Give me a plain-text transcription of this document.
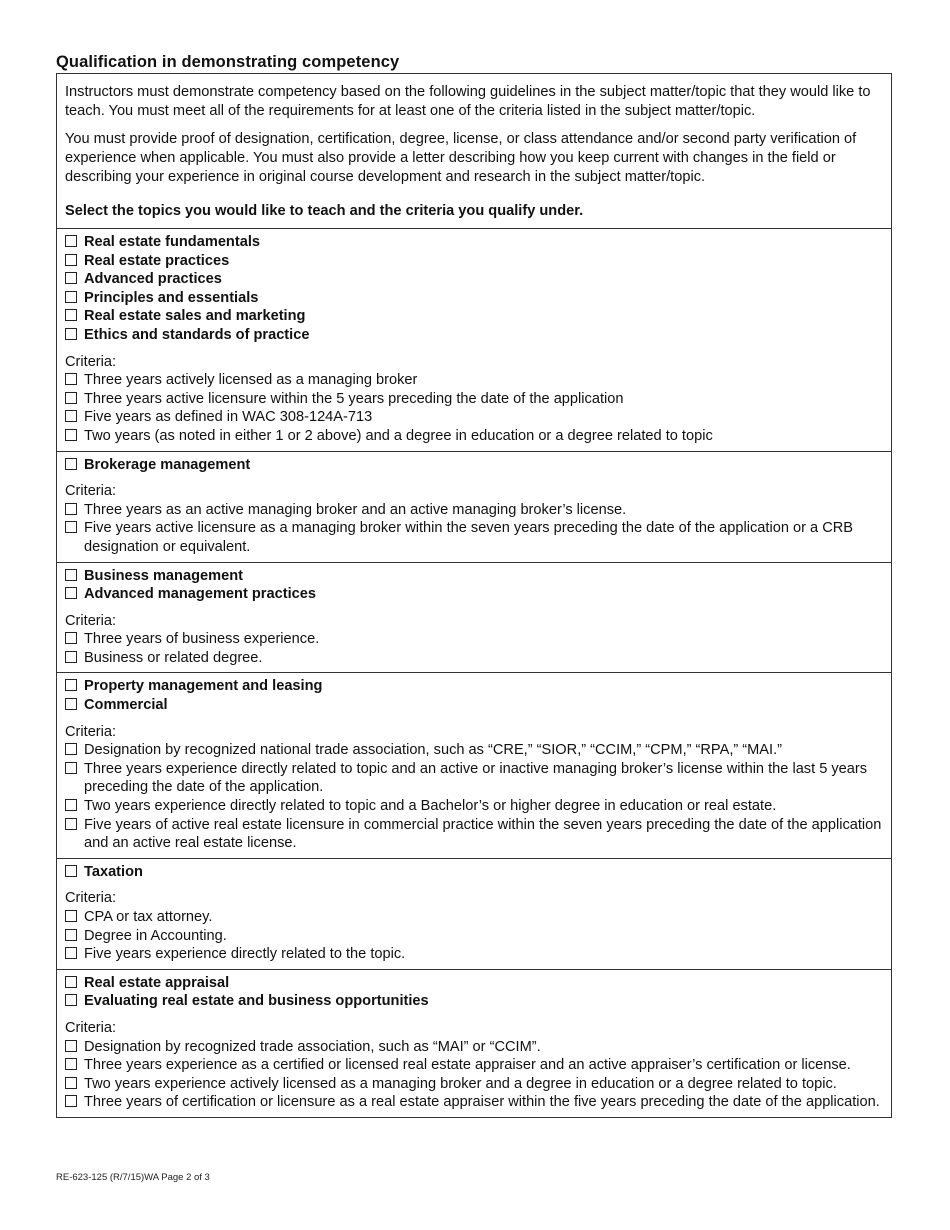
Qualification in demonstrating competency

Instructors must demonstrate competency based on the following guidelines in the subject matter/topic that they would like to teach. You must meet all of the requirements for at least one of the criteria listed in the subject matter/topic.

You must provide proof of designation, certification, degree, license, or class attendance and/or second party verification of experience when applicable. You must also provide a letter describing how you keep current with changes in the field or describing your experience in original course development and research in the subject matter/topic.

Select the topics you would like to teach and the criteria you qualify under.

Real estate fundamentals
Real estate practices
Advanced practices
Principles and essentials
Real estate sales and marketing
Ethics and standards of practice
Criteria:
Three years actively licensed as a managing broker
Three years active licensure within the 5 years preceding the date of the application
Five years as defined in WAC 308-124A-713
Two years (as noted in either 1 or 2 above) and a degree in education or a degree related to topic
Brokerage management
Criteria:
Three years as an active managing broker and an active managing broker’s license.
Five years active licensure as a managing broker within the seven years preceding the date of the application or a CRB designation or equivalent.
Business management
Advanced management practices
Criteria:
Three years of business experience.
Business or related degree.
Property management and leasing
Commercial
Criteria:
Designation by recognized national trade association, such as “CRE,” “SIOR,” “CCIM,” “CPM,” “RPA,” “MAI.”
Three years experience directly related to topic and an active or inactive managing broker’s license within the last 5 years preceding the date of the application.
Two years experience directly related to topic and a Bachelor’s or higher degree in education or real estate.
Five years of active real estate licensure in commercial practice within the seven years preceding the date of the application and an active real estate license.
Taxation
Criteria:
CPA or tax attorney.
Degree in Accounting.
Five years experience directly related to the topic.
Real estate appraisal
Evaluating real estate and business opportunities
Criteria:
Designation by recognized trade association, such as “MAI” or “CCIM”.
Three years experience as a certified or licensed real estate appraiser and an active appraiser’s certification or license.
Two years experience actively licensed as a managing broker and a degree in education or a degree related to topic.
Three years of certification or licensure as a real estate appraiser within the five years preceding the date of the application.
RE-623-125 (R/7/15)WA Page 2 of 3
